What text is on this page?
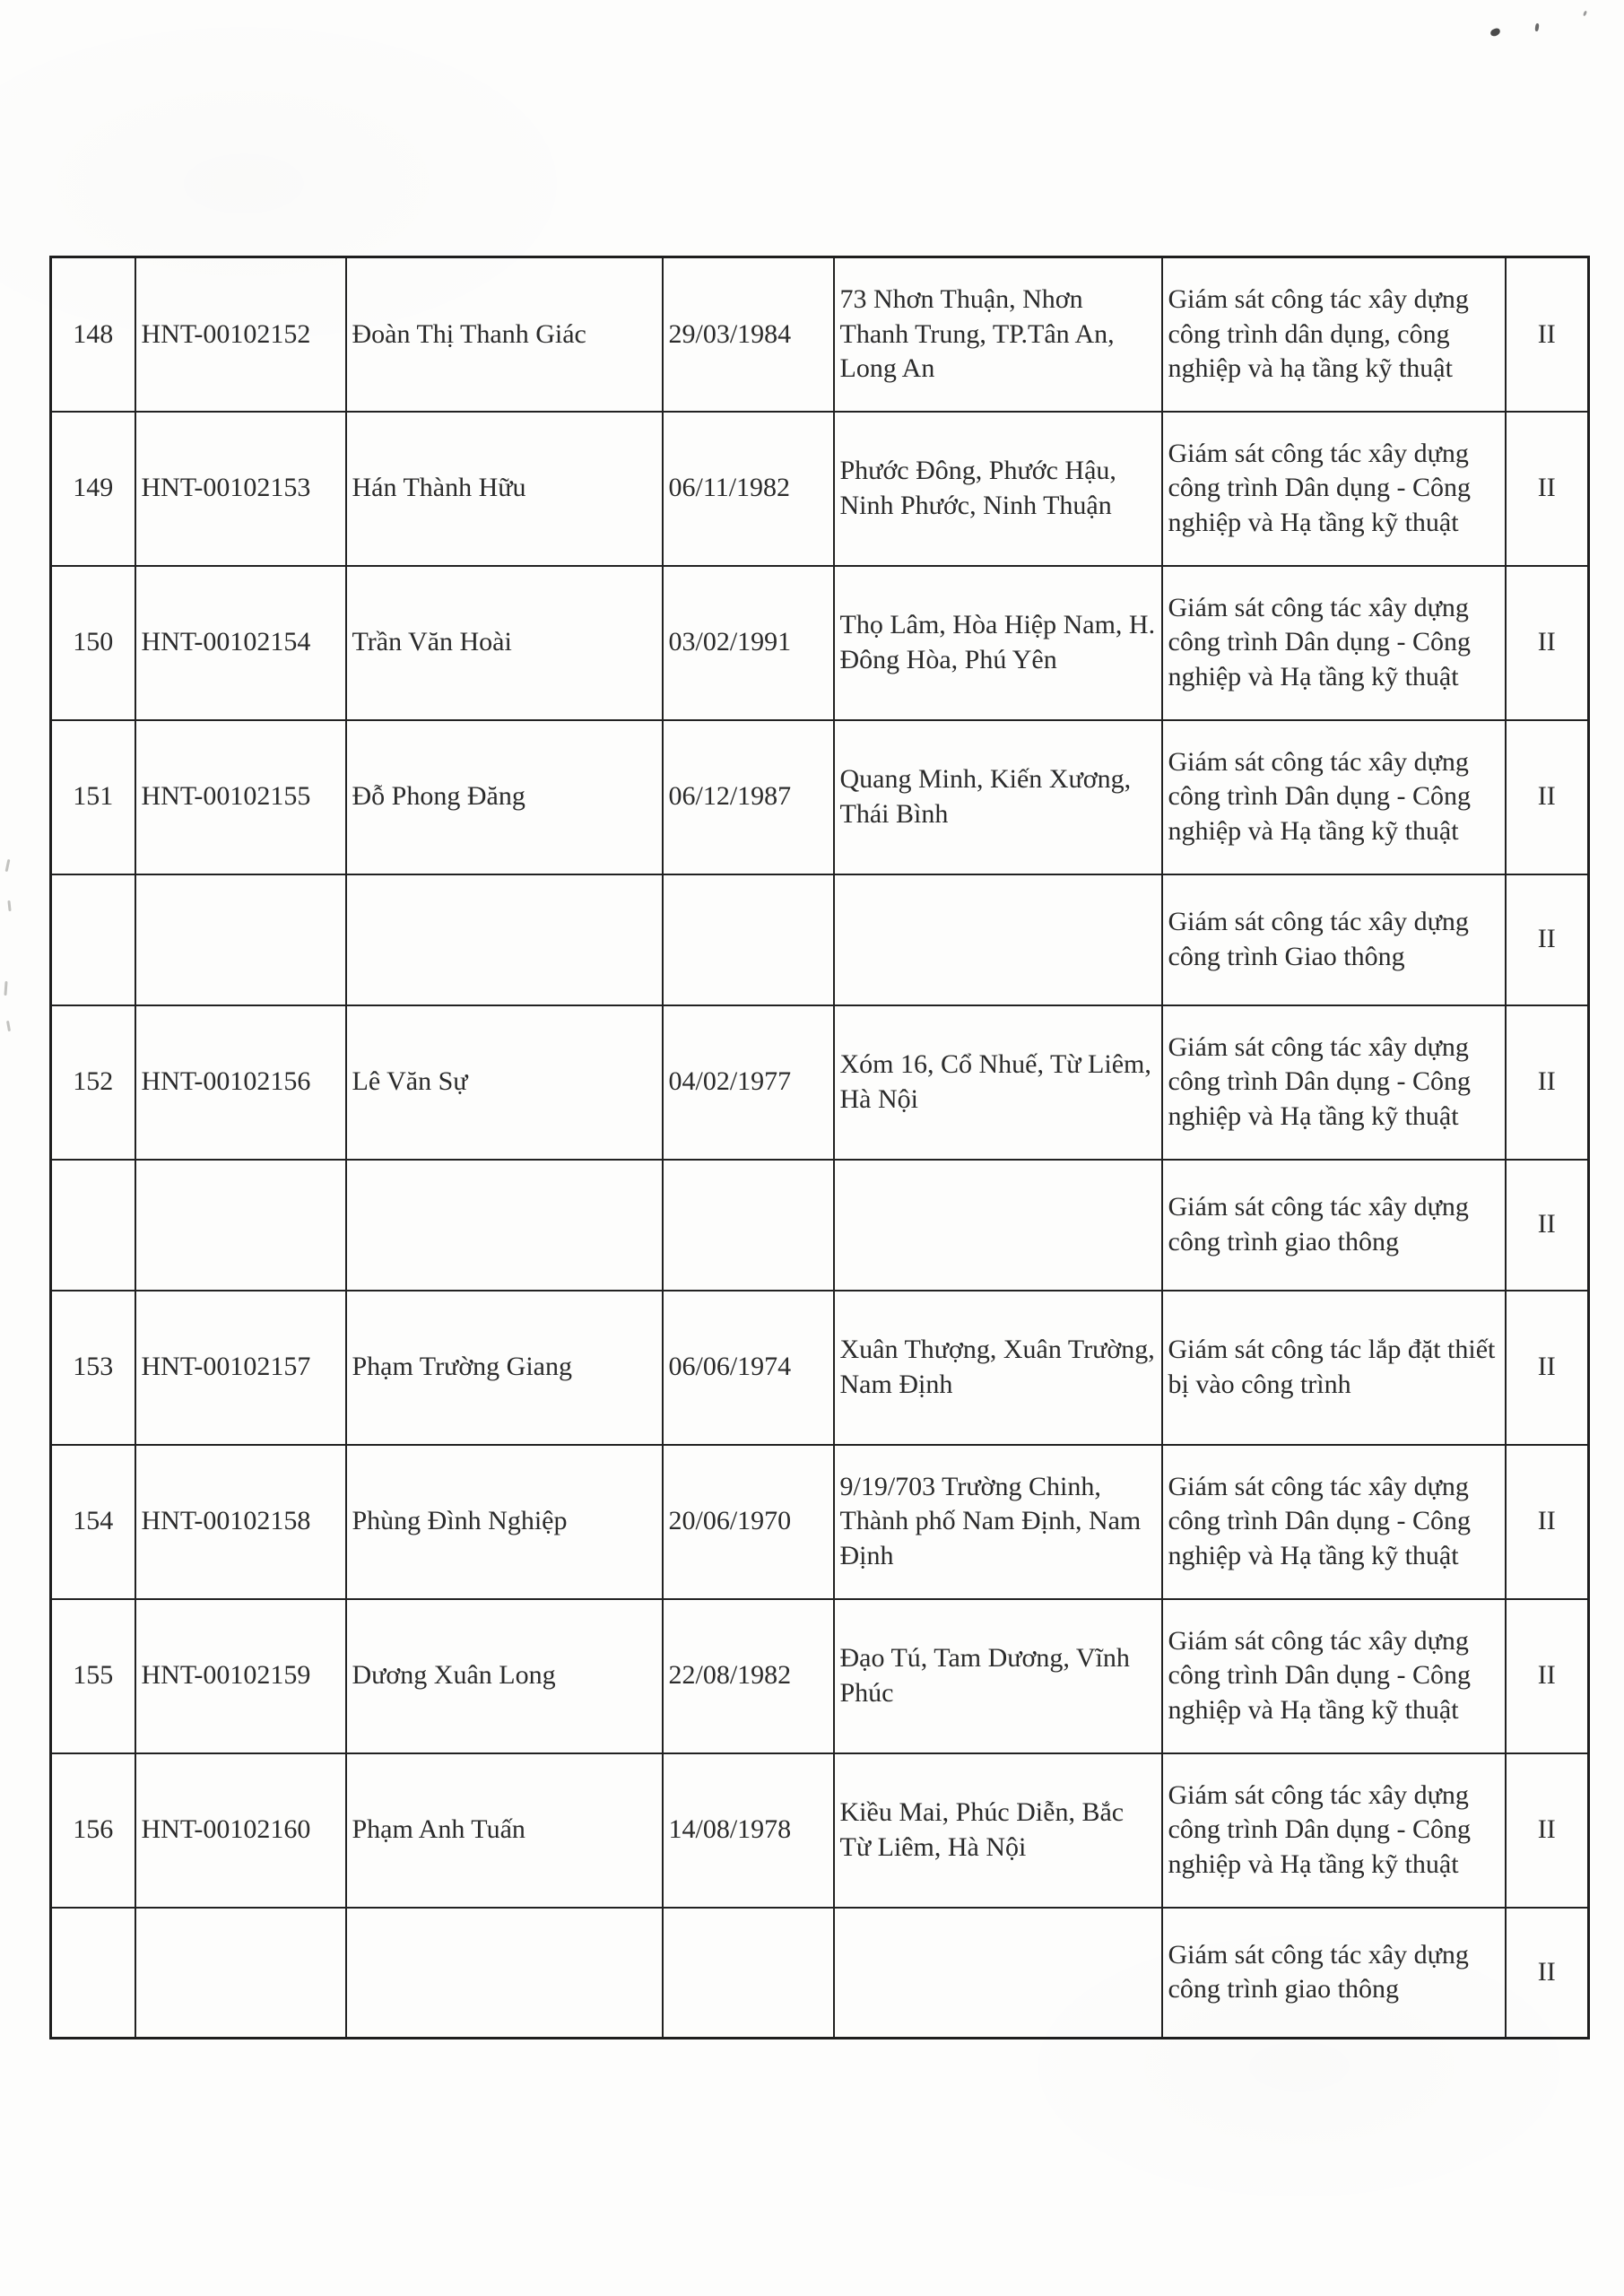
148	HNT-00102152	Đoàn Thị Thanh Giác	29/03/1984	73 Nhơn Thuận, Nhơn Thanh Trung, TP.Tân An, Long An	Giám sát công tác xây dựng công trình dân dụng, công nghiệp và hạ tầng kỹ thuật	II
149	HNT-00102153	Hán Thành Hữu	06/11/1982	Phước Đông, Phước Hậu, Ninh Phước, Ninh Thuận	Giám sát công tác xây dựng công trình Dân dụng - Công nghiệp và Hạ tầng kỹ thuật	II
150	HNT-00102154	Trần Văn Hoài	03/02/1991	Thọ Lâm, Hòa Hiệp Nam, H. Đông Hòa, Phú Yên	Giám sát công tác xây dựng công trình Dân dụng - Công nghiệp và Hạ tầng kỹ thuật	II
151	HNT-00102155	Đỗ Phong Đăng	06/12/1987	Quang Minh, Kiến Xương, Thái Bình	Giám sát công tác xây dựng công trình Dân dụng - Công nghiệp và Hạ tầng kỹ thuật	II
					Giám sát công tác xây dựng công trình Giao thông	II
152	HNT-00102156	Lê Văn Sự	04/02/1977	Xóm 16, Cổ Nhuế, Từ Liêm, Hà Nội	Giám sát công tác xây dựng công trình Dân dụng - Công nghiệp và Hạ tầng kỹ thuật	II
					Giám sát công tác xây dựng công trình giao thông	II
153	HNT-00102157	Phạm Trường Giang	06/06/1974	Xuân Thượng, Xuân Trường, Nam Định	Giám sát công tác lắp đặt thiết bị vào công trình	II
154	HNT-00102158	Phùng Đình Nghiệp	20/06/1970	9/19/703 Trường Chinh, Thành phố Nam Định, Nam Định	Giám sát công tác xây dựng công trình Dân dụng - Công nghiệp và Hạ tầng kỹ thuật	II
155	HNT-00102159	Dương Xuân Long	22/08/1982	Đạo Tú, Tam Dương, Vĩnh Phúc	Giám sát công tác xây dựng công trình Dân dụng - Công nghiệp và Hạ tầng kỹ thuật	II
156	HNT-00102160	Phạm Anh Tuấn	14/08/1978	Kiều Mai, Phúc Diễn, Bắc Từ Liêm, Hà Nội	Giám sát công tác xây dựng công trình Dân dụng - Công nghiệp và Hạ tầng kỹ thuật	II
					Giám sát công tác xây dựng công trình giao thông	II
